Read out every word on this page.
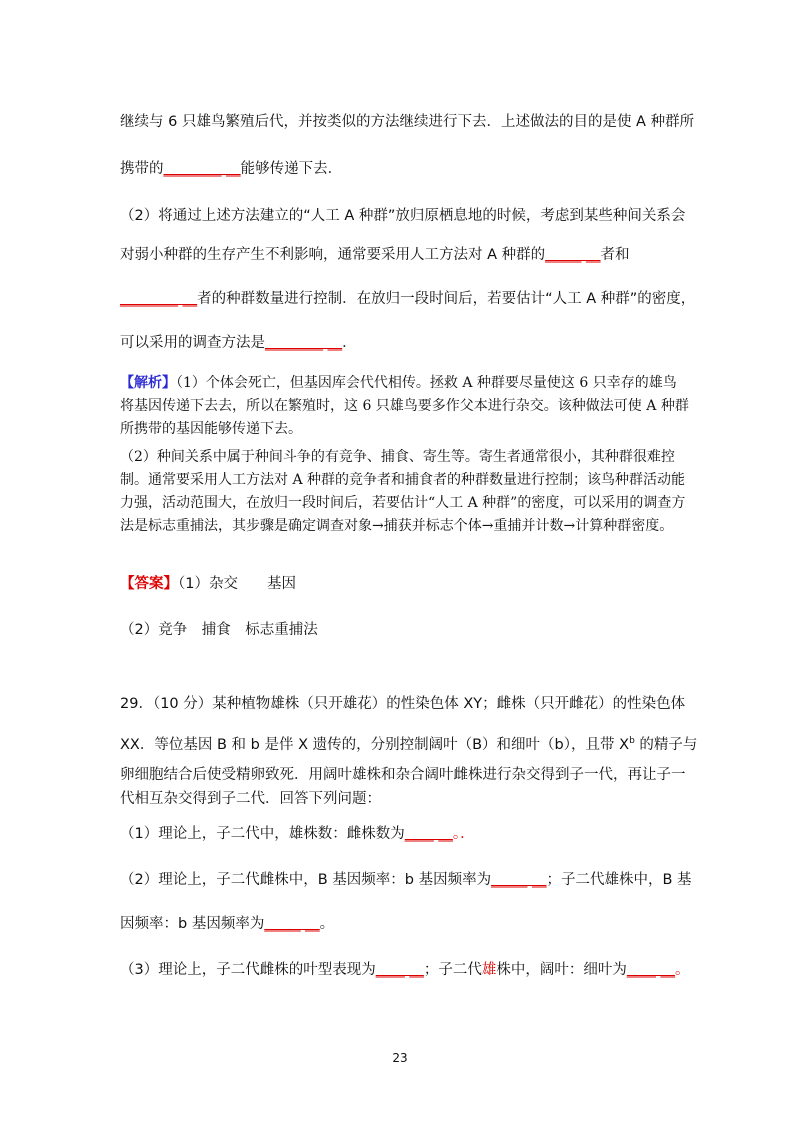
继续与 6 只雄鸟繁殖后代，并按类似的方法继续进行下去．上述做法的目的是使 A 种群所
携带的________ __能够传递下去．
（2）将通过上述方法建立的“人工 A 种群”放归原栖息地的时候，考虑到某些种间关系会
对弱小种群的生存产生不利影响，通常要采用人工方法对 A 种群的_____ __者和
________ __者的种群数量进行控制．在放归一段时间后，若要估计“人工 A 种群”的密度，
可以采用的调查方法是________ __．
【解析】（1）个体会死亡，但基因库会代代相传。拯救 A 种群要尽量使这 6 只幸存的雄鸟将基因传递下去去，所以在繁殖时，这 6 只雄鸟要多作父本进行杂交。该种做法可使 A 种群所携带的基因能够传递下去。
（2）种间关系中属于种间斗争的有竞争、捕食、寄生等。寄生者通常很小，其种群很难控制。通常要采用人工方法对 A 种群的竞争者和捕食者的种群数量进行控制；该鸟种群活动能力强，活动范围大，在放归一段时间后，若要估计“人工 A 种群”的密度，可以采用的调查方法是标志重捕法，其步骤是确定调查对象→捕获并标志个体→重捕并计数→计算种群密度。
【答案】（1）杂交　　基因
（2）竞争　捕食　标志重捕法
29．（10 分）某种植物雄株（只开雄花）的性染色体 XY；雌株（只开雌花）的性染色体
XX．等位基因 B 和 b 是伴 X 遗传的，分别控制阔叶（B）和细叶（b），且带 $X^b$ 的精子与
卵细胞结合后使受精卵致死．用阔叶雄株和杂合阔叶雌株进行杂交得到子一代，再让子一
代相互杂交得到子二代．回答下列问题：
（1）理论上，子二代中，雄株数：雌株数为____ __。．
（2）理论上，子二代雌株中，B 基因频率：b 基因频率为_____ __；子二代雄株中，B 基
因频率：b 基因频率为_____ __。
（3）理论上，子二代雌株的叶型表现为____ __；子二代雄株中，阔叶：细叶为____ __。
23
